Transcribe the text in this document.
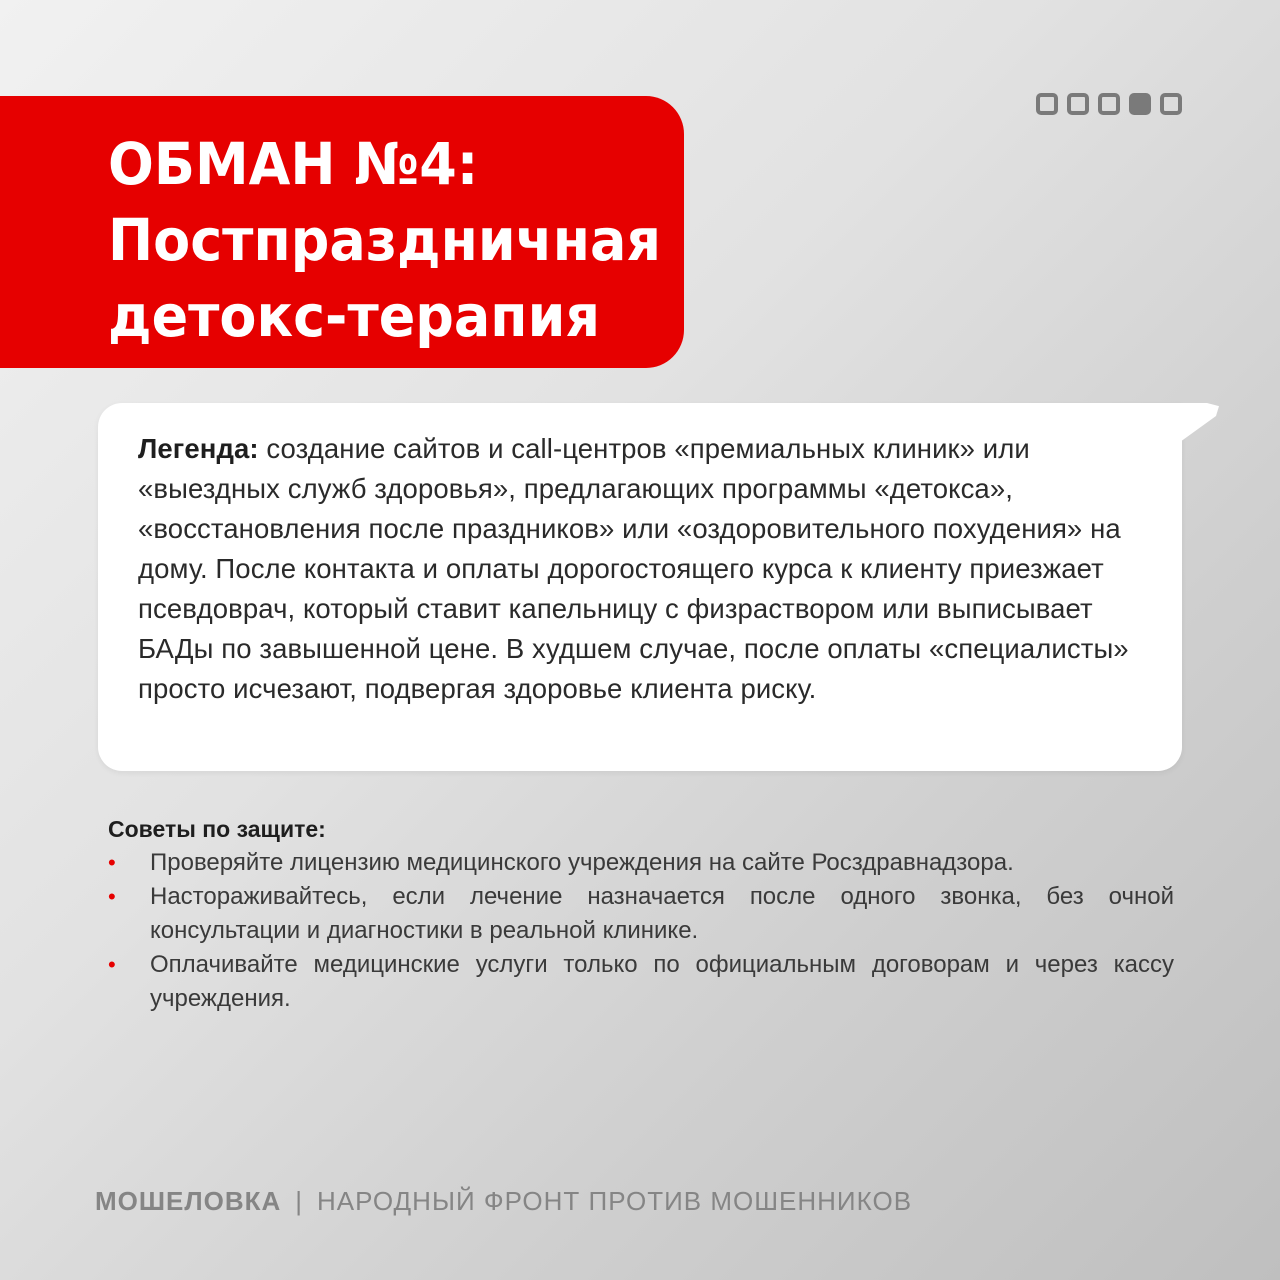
ОБМАН №4:
Постпраздничная
детокс-терапия
Легенда: создание сайтов и call-центров «премиальных клиник» или «выездных служб здоровья», предлагающих программы «детокса», «восстановления после праздников» или «оздоровительного похудения» на дому. После контакта и оплаты дорогостоящего курса к клиенту приезжает псевдоврач, который ставит капельницу с физраствором или выписывает БАДы по завышенной цене. В худшем случае, после оплаты «специалисты» просто исчезают, подвергая здоровье клиента риску.
Советы по защите:
• Проверяйте лицензию медицинского учреждения на сайте Росздравнадзора.
• Настораживайтесь, если лечение назначается после одного звонка, без очной консультации и диагностики в реальной клинике.
• Оплачивайте медицинские услуги только по официальным договорам и через кассу учреждения.
МОШЕЛОВКА | НАРОДНЫЙ ФРОНТ ПРОТИВ МОШЕННИКОВ
